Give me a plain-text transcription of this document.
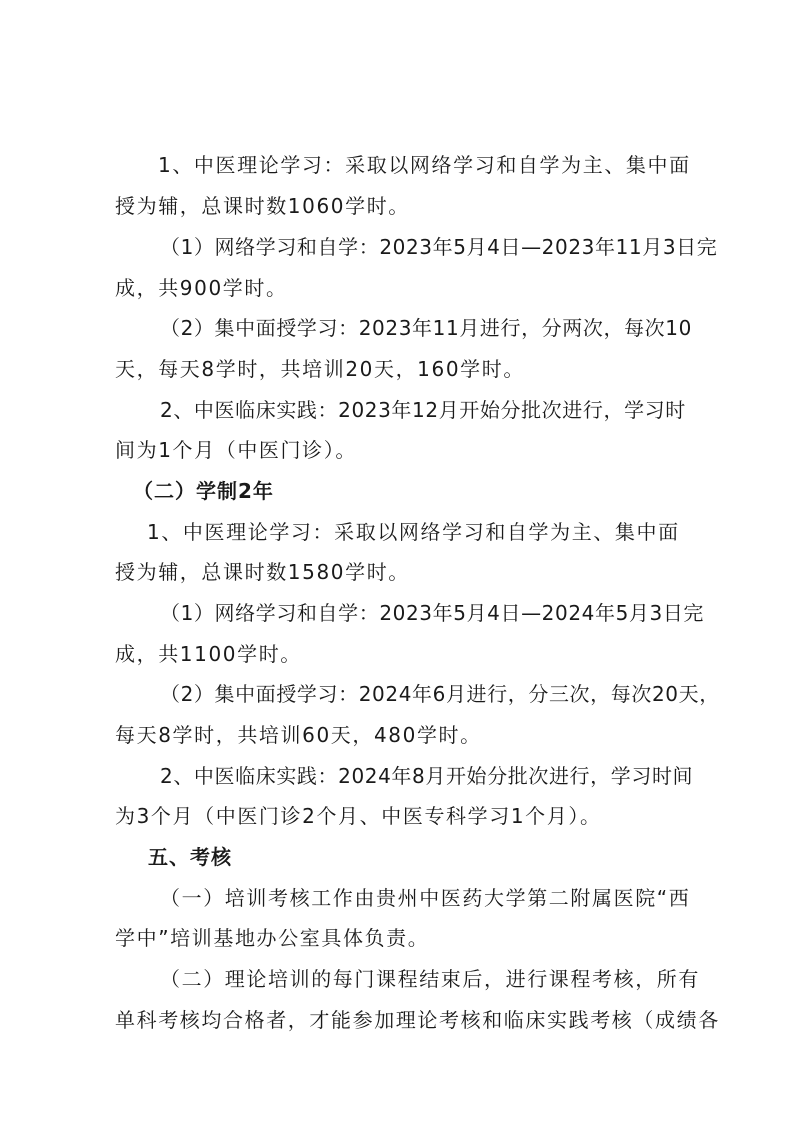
1、中医理论学习：采取以网络学习和自学为主、集中面
授为辅，总课时数1060学时。
（1）网络学习和自学：2023年5月4日—2023年11月3日完
成，共900学时。
（2）集中面授学习：2023年11月进行，分两次，每次10
天，每天8学时，共培训20天，160学时。
2、中医临床实践：2023年12月开始分批次进行，学习时
间为1个月（中医门诊）。
（二）学制2年
1、中医理论学习：采取以网络学习和自学为主、集中面
授为辅，总课时数1580学时。
（1）网络学习和自学：2023年5月4日—2024年5月3日完
成，共1100学时。
（2）集中面授学习：2024年6月进行，分三次，每次20天，
每天8学时，共培训60天，480学时。
2、中医临床实践：2024年8月开始分批次进行，学习时间
为3个月（中医门诊2个月、中医专科学习1个月）。
五、考核
（一）培训考核工作由贵州中医药大学第二附属医院“西
学中”培训基地办公室具体负责。
（二）理论培训的每门课程结束后，进行课程考核，所有
单科考核均合格者，才能参加理论考核和临床实践考核（成绩各
